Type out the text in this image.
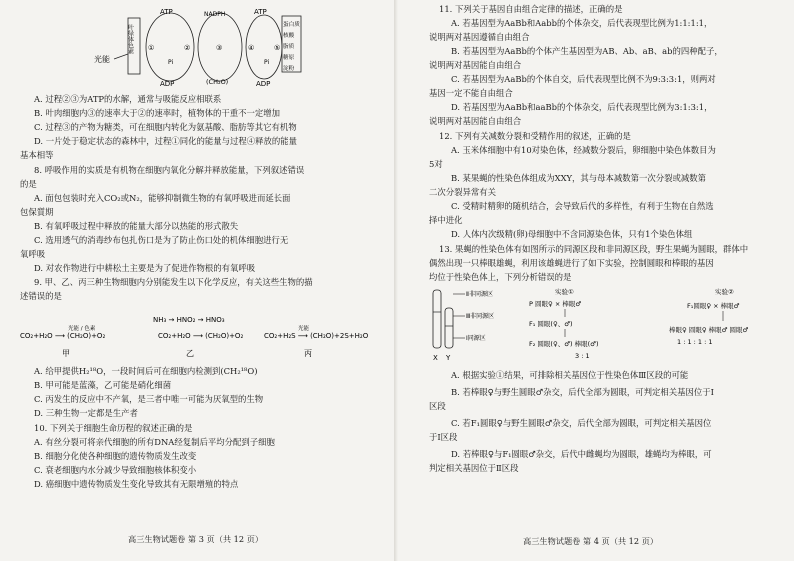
光能
叶绿体色素
ATP
ADP
①	②
Pi
NADPH
(CH₂O)
③
ATP
ADP
④	⑤
Pi
蛋白质
核酸
脂质
糖原
淀粉
A. 过程②③为ATP的水解，通常与吸能反应相联系
B. 叶肉细胞内③的速率大于②的速率时，植物体的干重不一定增加
C. 过程③的产物为糖类，可在细胞内转化为氨基酸、脂肪等其它有机物
D. 一片处于稳定状态的森林中，过程①同化的能量与过程④释放的能量
基本相等
8. 呼吸作用的实质是有机物在细胞内氧化分解并释放能量，下列叙述错误
的是
A. 面包包装时充入CO₂或N₂，能够抑制微生物的有氧呼吸进而延长面
包保質期
B. 有氧呼吸过程中释放的能量大部分以热能的形式散失
C. 选用透气的消毒纱布包扎伤口是为了防止伤口处的机体细胞进行无
氧呼吸
D. 对农作物进行中耕松土主要是为了促进作物根的有氧呼吸
9. 甲、乙、丙三种生物细胞内分别能发生以下化学反应，有关这些生物的描
述错误的是
光能 / 色素
CO₂+H₂O ⟶ (CH₂O)+O₂
NH₃ → HNO₂ → HNO₃
CO₂+H₂O ⟶ (CH₂O)+O₂
光能
CO₂+H₂S ⟶ (CH₂O)+2S+H₂O
甲	乙	丙
A. 给甲提供H₂¹⁸O，一段时间后可在细胞内检测到(CH₂¹⁸O)
B. 甲可能是蓝藻，乙可能是硝化细菌
C. 丙发生的反应中不产氧，是三者中唯一可能为厌氧型的生物
D. 三种生物一定都是生产者
10. 下列关于细胞生命历程的叙述正确的是
A. 有丝分裂可将亲代细胞的所有DNA经复制后平均分配到子细胞
B. 细胞分化使各种细胞的遗传物质发生改变
C. 衰老细胞内水分减少导致细胞核体积变小
D. 癌细胞中遗传物质发生变化导致其有无限增殖的特点
高三生物试题卷 第 3 页（共 12 页）
11. 下列关于基因自由组合定律的描述，正确的是
A. 若基因型为AaBb和Aabb的个体杂交，后代表现型比例为1:1:1:1，
说明两对基因遵循自由组合
B. 若基因型为AaBb的个体产生基因型为AB、Ab、aB、ab的四种配子，
说明两对基因能自由组合
C. 若基因型为AaBb的个体自交，后代表现型比例不为9:3:3:1，则两对
基因一定不能自由组合
D. 若基因型为AaBb和aaBb的个体杂交，后代表现型比例为3:1:3:1，
说明两对基因能自由组合
12. 下列有关减数分裂和受精作用的叙述，正确的是
A. 玉米体细胞中有10对染色体，经减数分裂后，卵细胞中染色体数目为
5对
B. 某果蝇的性染色体组成为XXY，其与母本减数第一次分裂或减数第
二次分裂异常有关
C. 受精时精卵的随机结合，会导致后代的多样性，有利于生物在自然选
择中进化
D. 人体内次级精(卵)母细胞中不含同源染色体，只有1个染色体组
13. 果蝇的性染色体有如图所示的同源区段和非同源区段，野生果蝇为圆眼，群体中
偶然出现一只棒眼雄蝇，利用该雄蝇进行了如下实验，控制圆眼和棒眼的基因
均位于性染色体上，下列分析错误的是
Ⅱ非同源区
Ⅲ非同源区
Ⅰ同源区
X Y
实验①
P 圆眼♀ × 棒眼♂
F₁ 圆眼(♀、♂)
F₂ 圆眼(♀、♂) 棒眼(♂)
3 : 1
实验②
F₁圆眼♀ × 棒眼♂
棒眼♀ 圆眼♀ 棒眼♂ 圆眼♂
1 : 1 : 1 : 1
A. 根据实验①结果，可排除相关基因位于性染色体Ⅲ区段的可能
B. 若棒眼♀与野生圆眼♂杂交，后代全部为圆眼，可判定相关基因位于Ⅰ
区段
C. 若F₁圆眼♀与野生圆眼♂杂交，后代全部为圆眼，可判定相关基因位
于Ⅰ区段
D. 若棒眼♀与F₁圆眼♂杂交，后代中雌蝇均为圆眼，雄蝇均为棒眼，可
判定相关基因位于Ⅱ区段
高三生物试题卷 第 4 页（共 12 页）
